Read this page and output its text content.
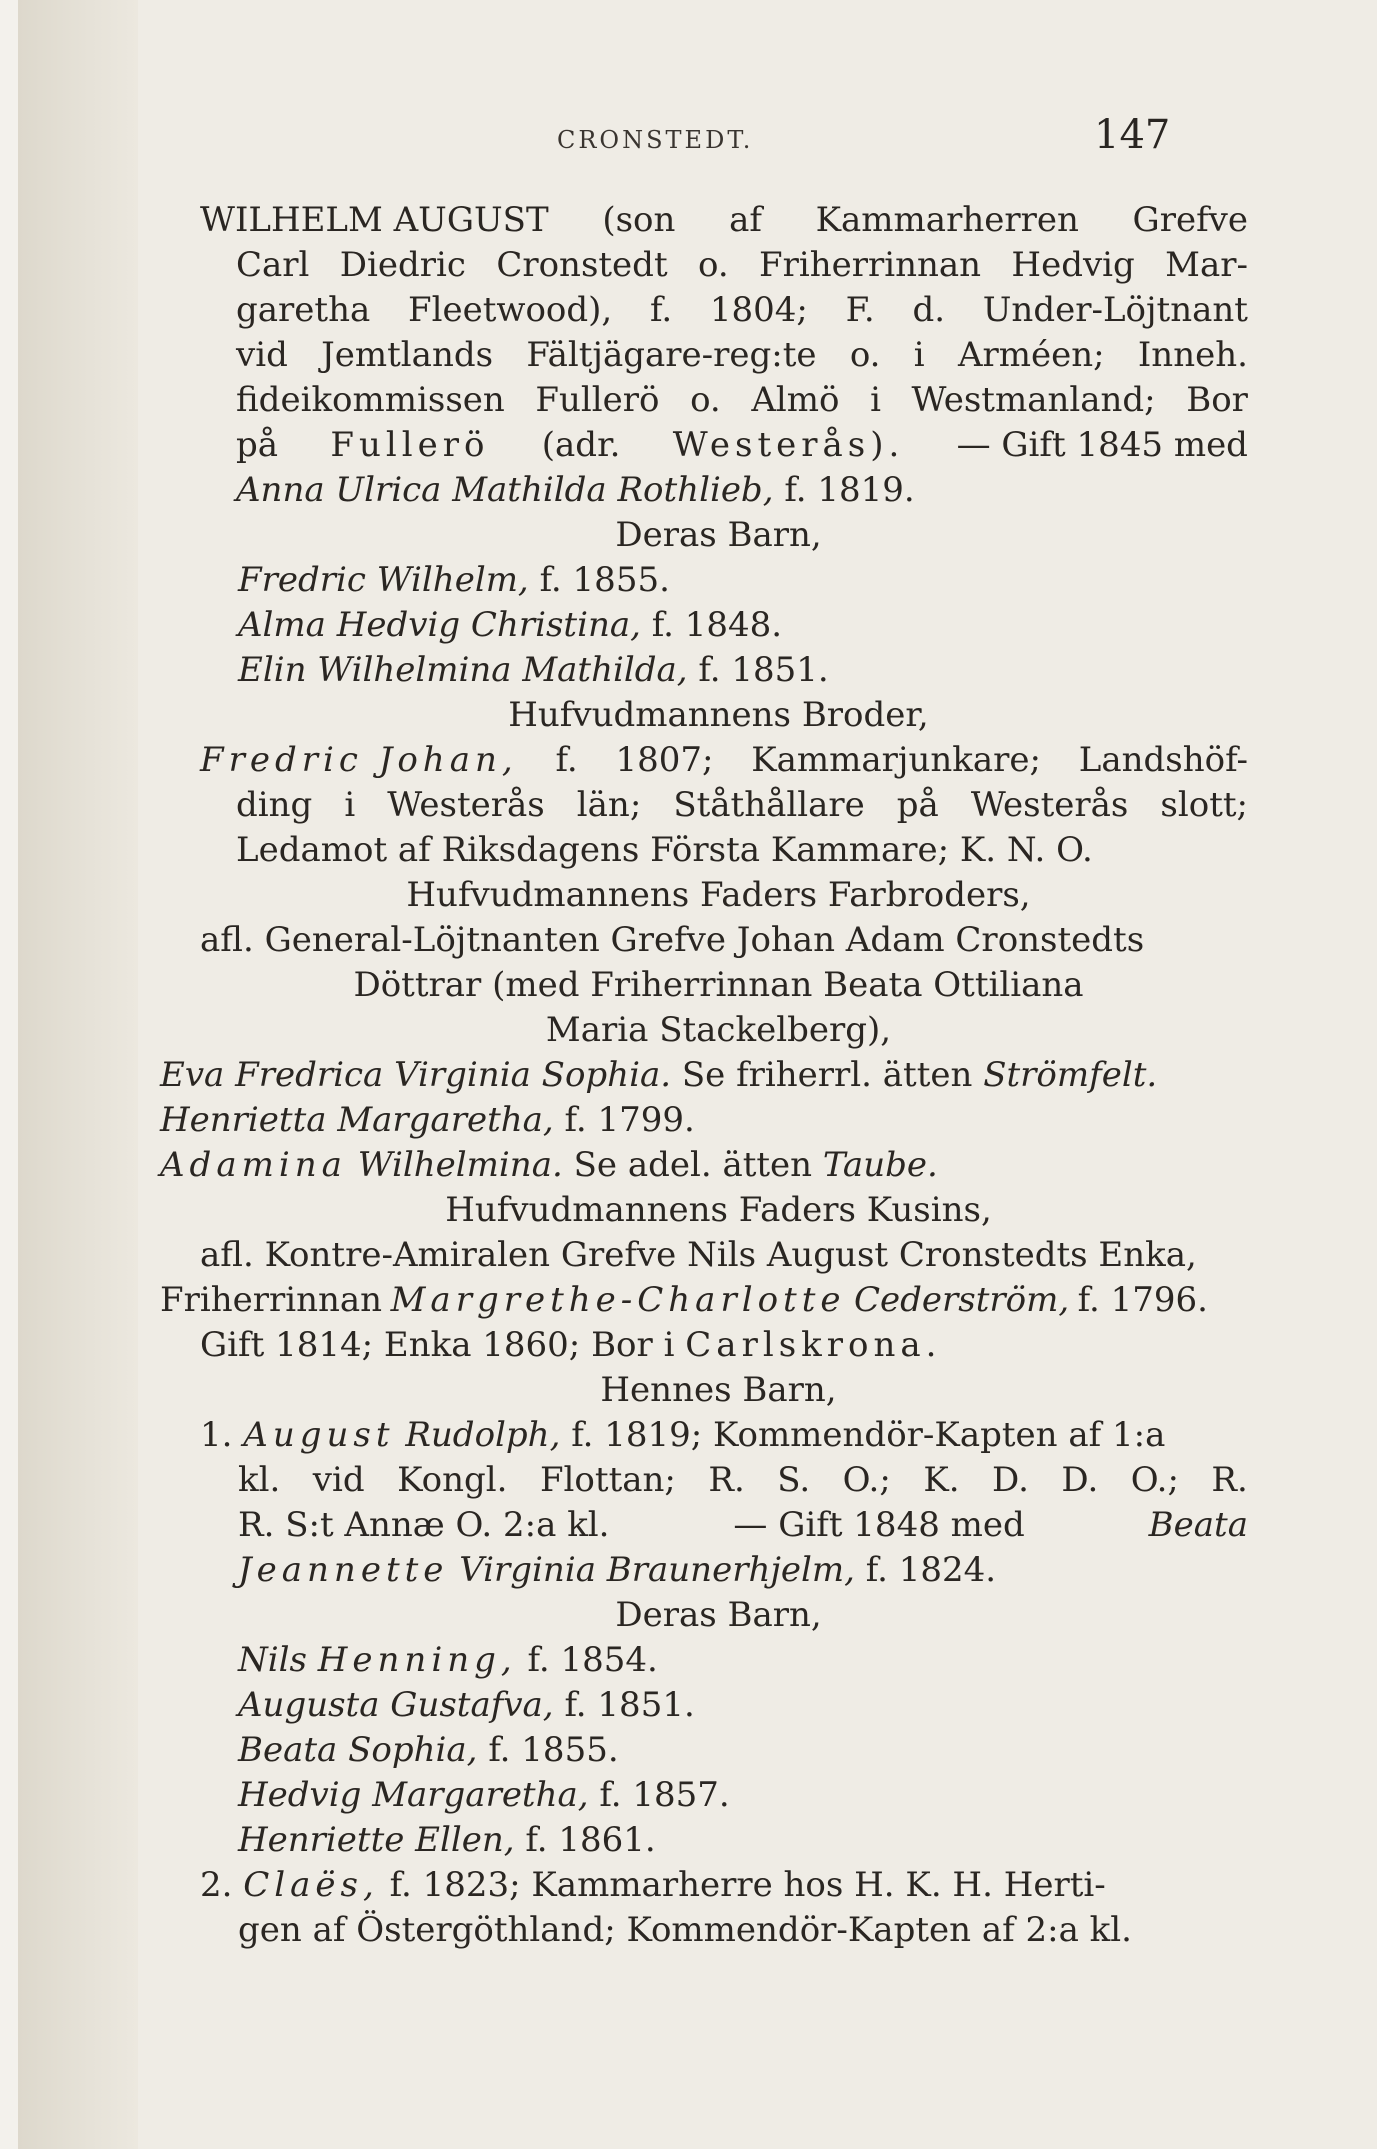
CRONSTEDT.	147
WILHELM AUGUST (son af Kammarherren Grefve
Carl Diedric Cronstedt o. Friherrinnan Hedvig Mar-
garetha Fleetwood), f. 1804; F. d. Under-Löjtnant
vid Jemtlands Fältjägare-reg:te o. i Arméen; Inneh.
fideikommissen Fullerö o. Almö i Westmanland; Bor
på Fullerö (adr. Westerås). — Gift 1845 med
Anna Ulrica Mathilda Rothlieb, f. 1819.
Deras Barn,
Fredric Wilhelm, f. 1855.
Alma Hedvig Christina, f. 1848.
Elin Wilhelmina Mathilda, f. 1851.
Hufvudmannens Broder,
Fredric Johan, f. 1807; Kammarjunkare; Landshöf-
ding i Westerås län; Ståthållare på Westerås slott;
Ledamot af Riksdagens Första Kammare; K. N. O.
Hufvudmannens Faders Farbroders,
afl. General-Löjtnanten Grefve Johan Adam Cronstedts
Döttrar (med Friherrinnan Beata Ottiliana
Maria Stackelberg),
Eva Fredrica Virginia Sophia. Se friherrl. ätten Strömfelt.
Henrietta Margaretha, f. 1799.
Adamina Wilhelmina. Se adel. ätten Taube.
Hufvudmannens Faders Kusins,
afl. Kontre-Amiralen Grefve Nils August Cronstedts Enka,
Friherrinnan Margrethe-Charlotte Cederström, f. 1796.
Gift 1814; Enka 1860; Bor i Carlskrona.
Hennes Barn,
1. August Rudolph, f. 1819; Kommendör-Kapten af 1:a
kl. vid Kongl. Flottan; R. S. O.; K. D. D. O.; R.
R. S:t Annæ O. 2:a kl.	— Gift 1848 med	Beata
Jeannette Virginia Braunerhjelm, f. 1824.
Deras Barn,
Nils Henning, f. 1854.
Augusta Gustafva, f. 1851.
Beata Sophia, f. 1855.
Hedvig Margaretha, f. 1857.
Henriette Ellen, f. 1861.
2. Claës, f. 1823; Kammarherre hos H. K. H. Herti-
gen af Östergöthland; Kommendör-Kapten af 2:a kl.
